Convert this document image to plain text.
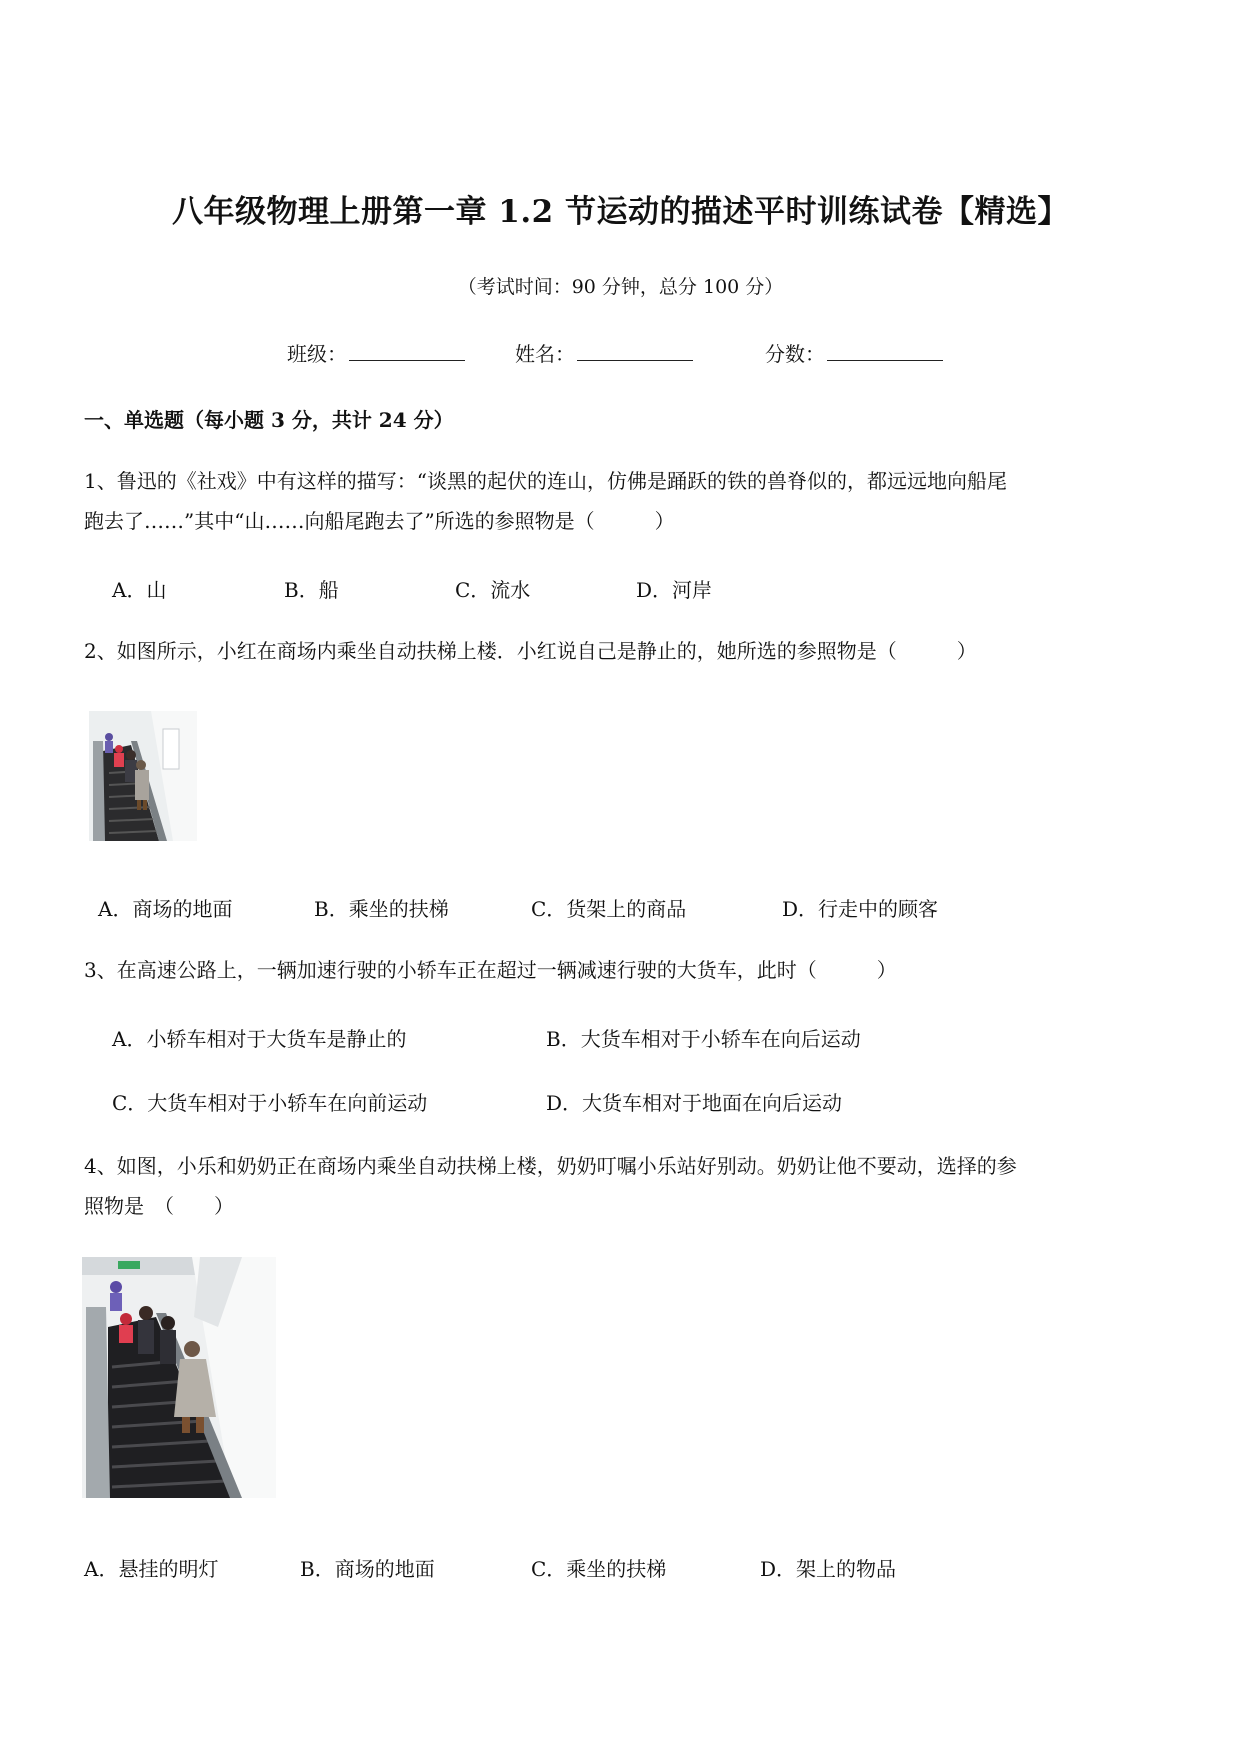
八年级物理上册第一章 1.2 节运动的描述平时训练试卷【精选】
（考试时间：90 分钟，总分 100 分）
班级：	姓名：	分数：
一、单选题（每小题 3 分，共计 24 分）
1、鲁迅的《社戏》中有这样的描写：“谈黑的起伏的连山，仿佛是踊跃的铁的兽脊似的，都远远地向船尾
跑去了……”其中“山……向船尾跑去了”所选的参照物是（　　　）
A．山	B．船	C．流水	D．河岸
2、如图所示，小红在商场内乘坐自动扶梯上楼．小红说自己是静止的，她所选的参照物是（　　　）
A．商场的地面	B．乘坐的扶梯	C．货架上的商品	D．行走中的顾客
3、在高速公路上，一辆加速行驶的小轿车正在超过一辆减速行驶的大货车，此时（　　　）
A．小轿车相对于大货车是静止的	B．大货车相对于小轿车在向后运动
C．大货车相对于小轿车在向前运动	D．大货车相对于地面在向后运动
4、如图，小乐和奶奶正在商场内乘坐自动扶梯上楼，奶奶叮嘱小乐站好别动。奶奶让他不要动，选择的参
照物是　（　　）
A．悬挂的明灯	B．商场的地面	C．乘坐的扶梯	D．架上的物品
